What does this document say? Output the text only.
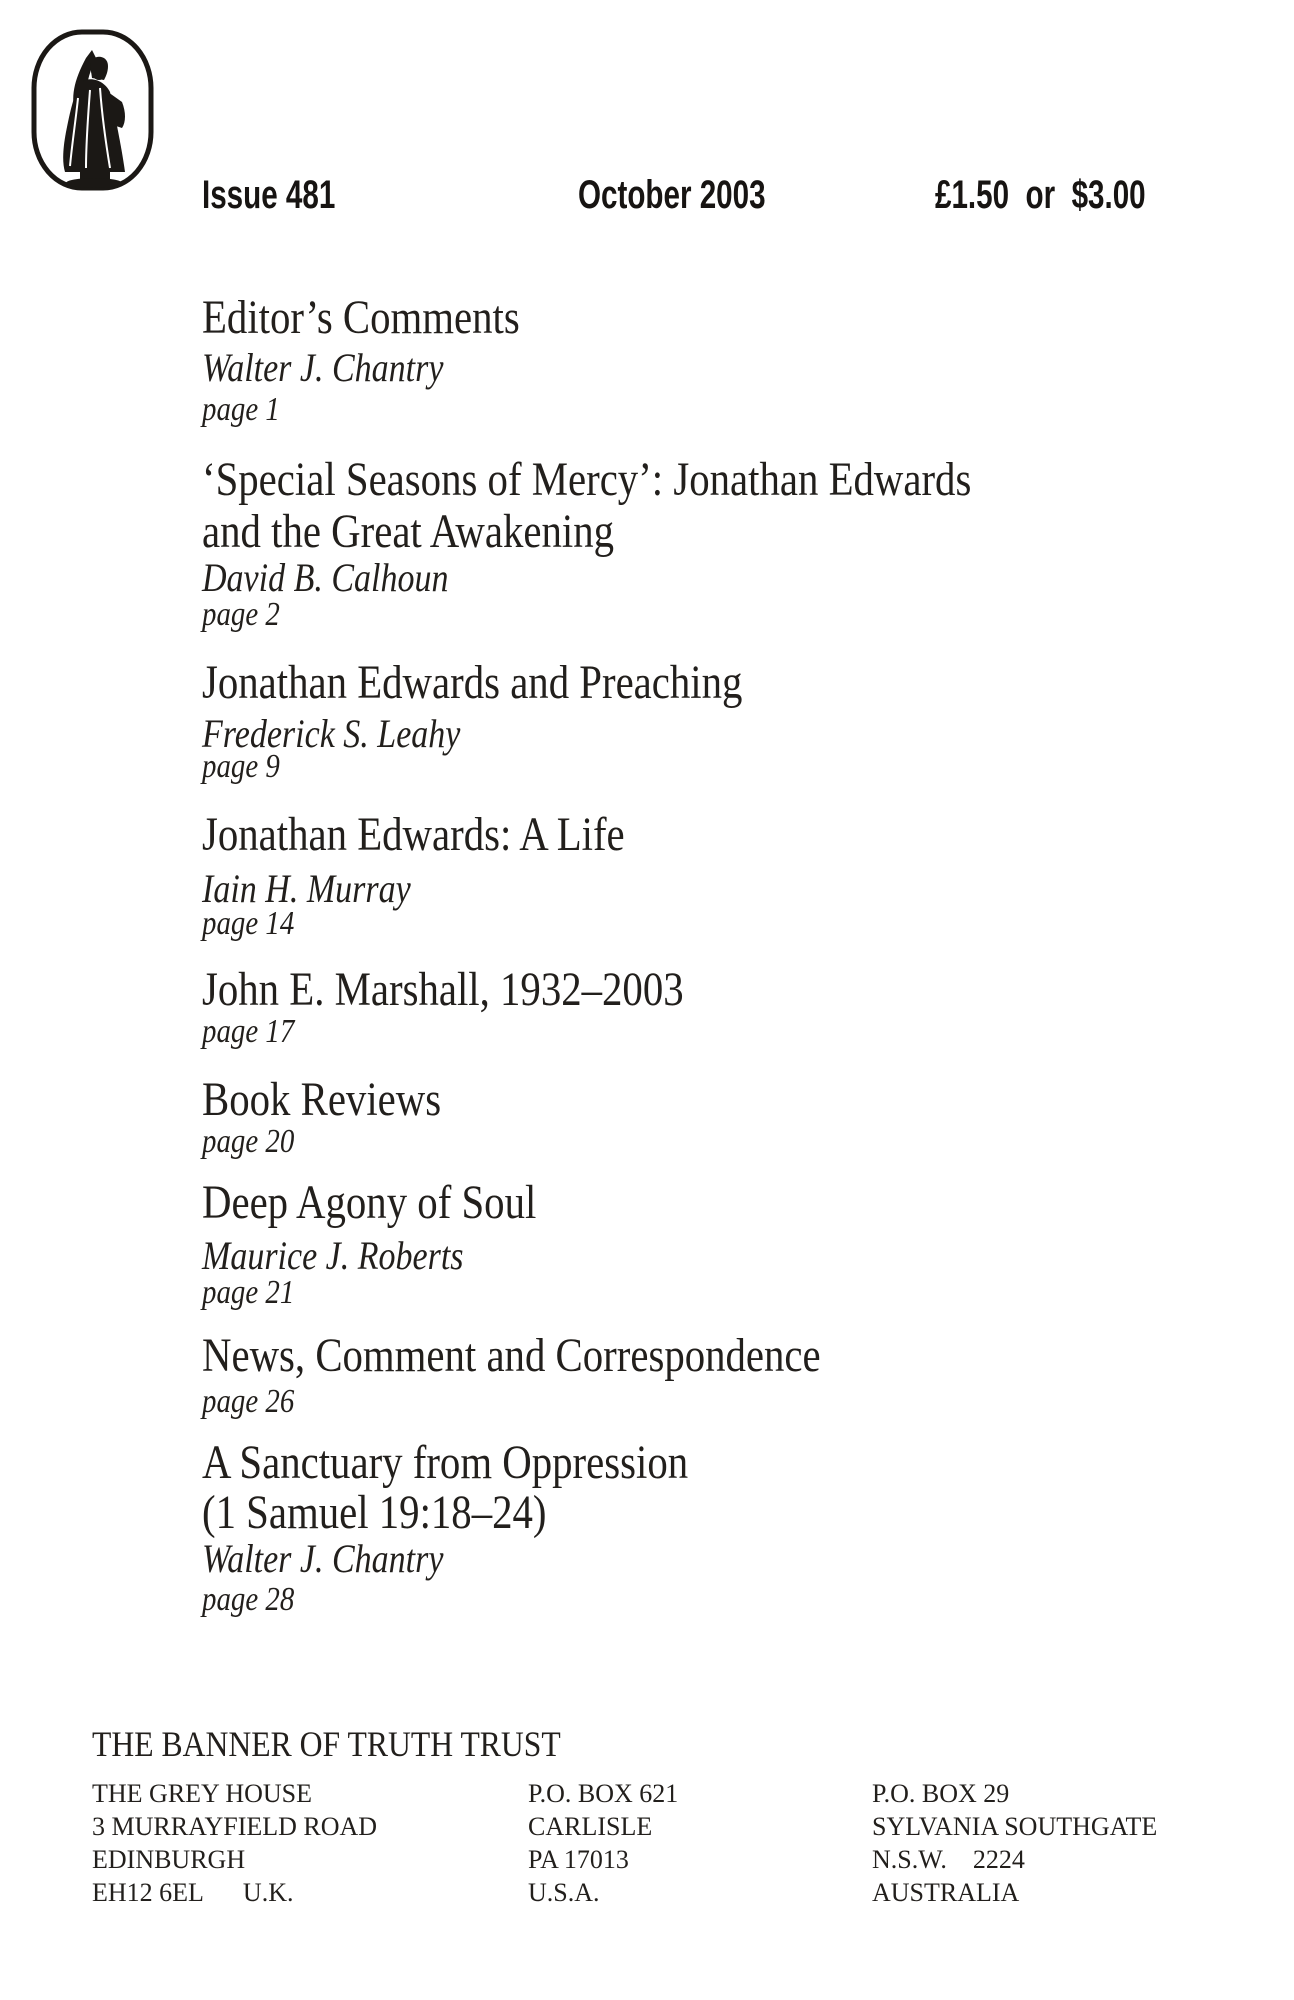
Issue 481	October 2003	£1.50  or  $3.00
Editor’s Comments
Walter J. Chantry
page 1
‘Special Seasons of Mercy’: Jonathan Edwards
and the Great Awakening
David B. Calhoun
page 2
Jonathan Edwards and Preaching
Frederick S. Leahy
page 9
Jonathan Edwards: A Life
Iain H. Murray
page 14
John E. Marshall, 1932–2003
page 17
Book Reviews
page 20
Deep Agony of Soul
Maurice J. Roberts
page 21
News, Comment and Correspondence
page 26
A Sanctuary from Oppression
(1 Samuel 19:18–24)
Walter J. Chantry
page 28
THE BANNER OF TRUTH TRUST
THE GREY HOUSE
3 MURRAYFIELD ROAD
EDINBURGH
EH12 6EL      U.K.
P.O. BOX 621
CARLISLE
PA 17013
U.S.A.
P.O. BOX 29
SYLVANIA SOUTHGATE
N.S.W.    2224
AUSTRALIA
